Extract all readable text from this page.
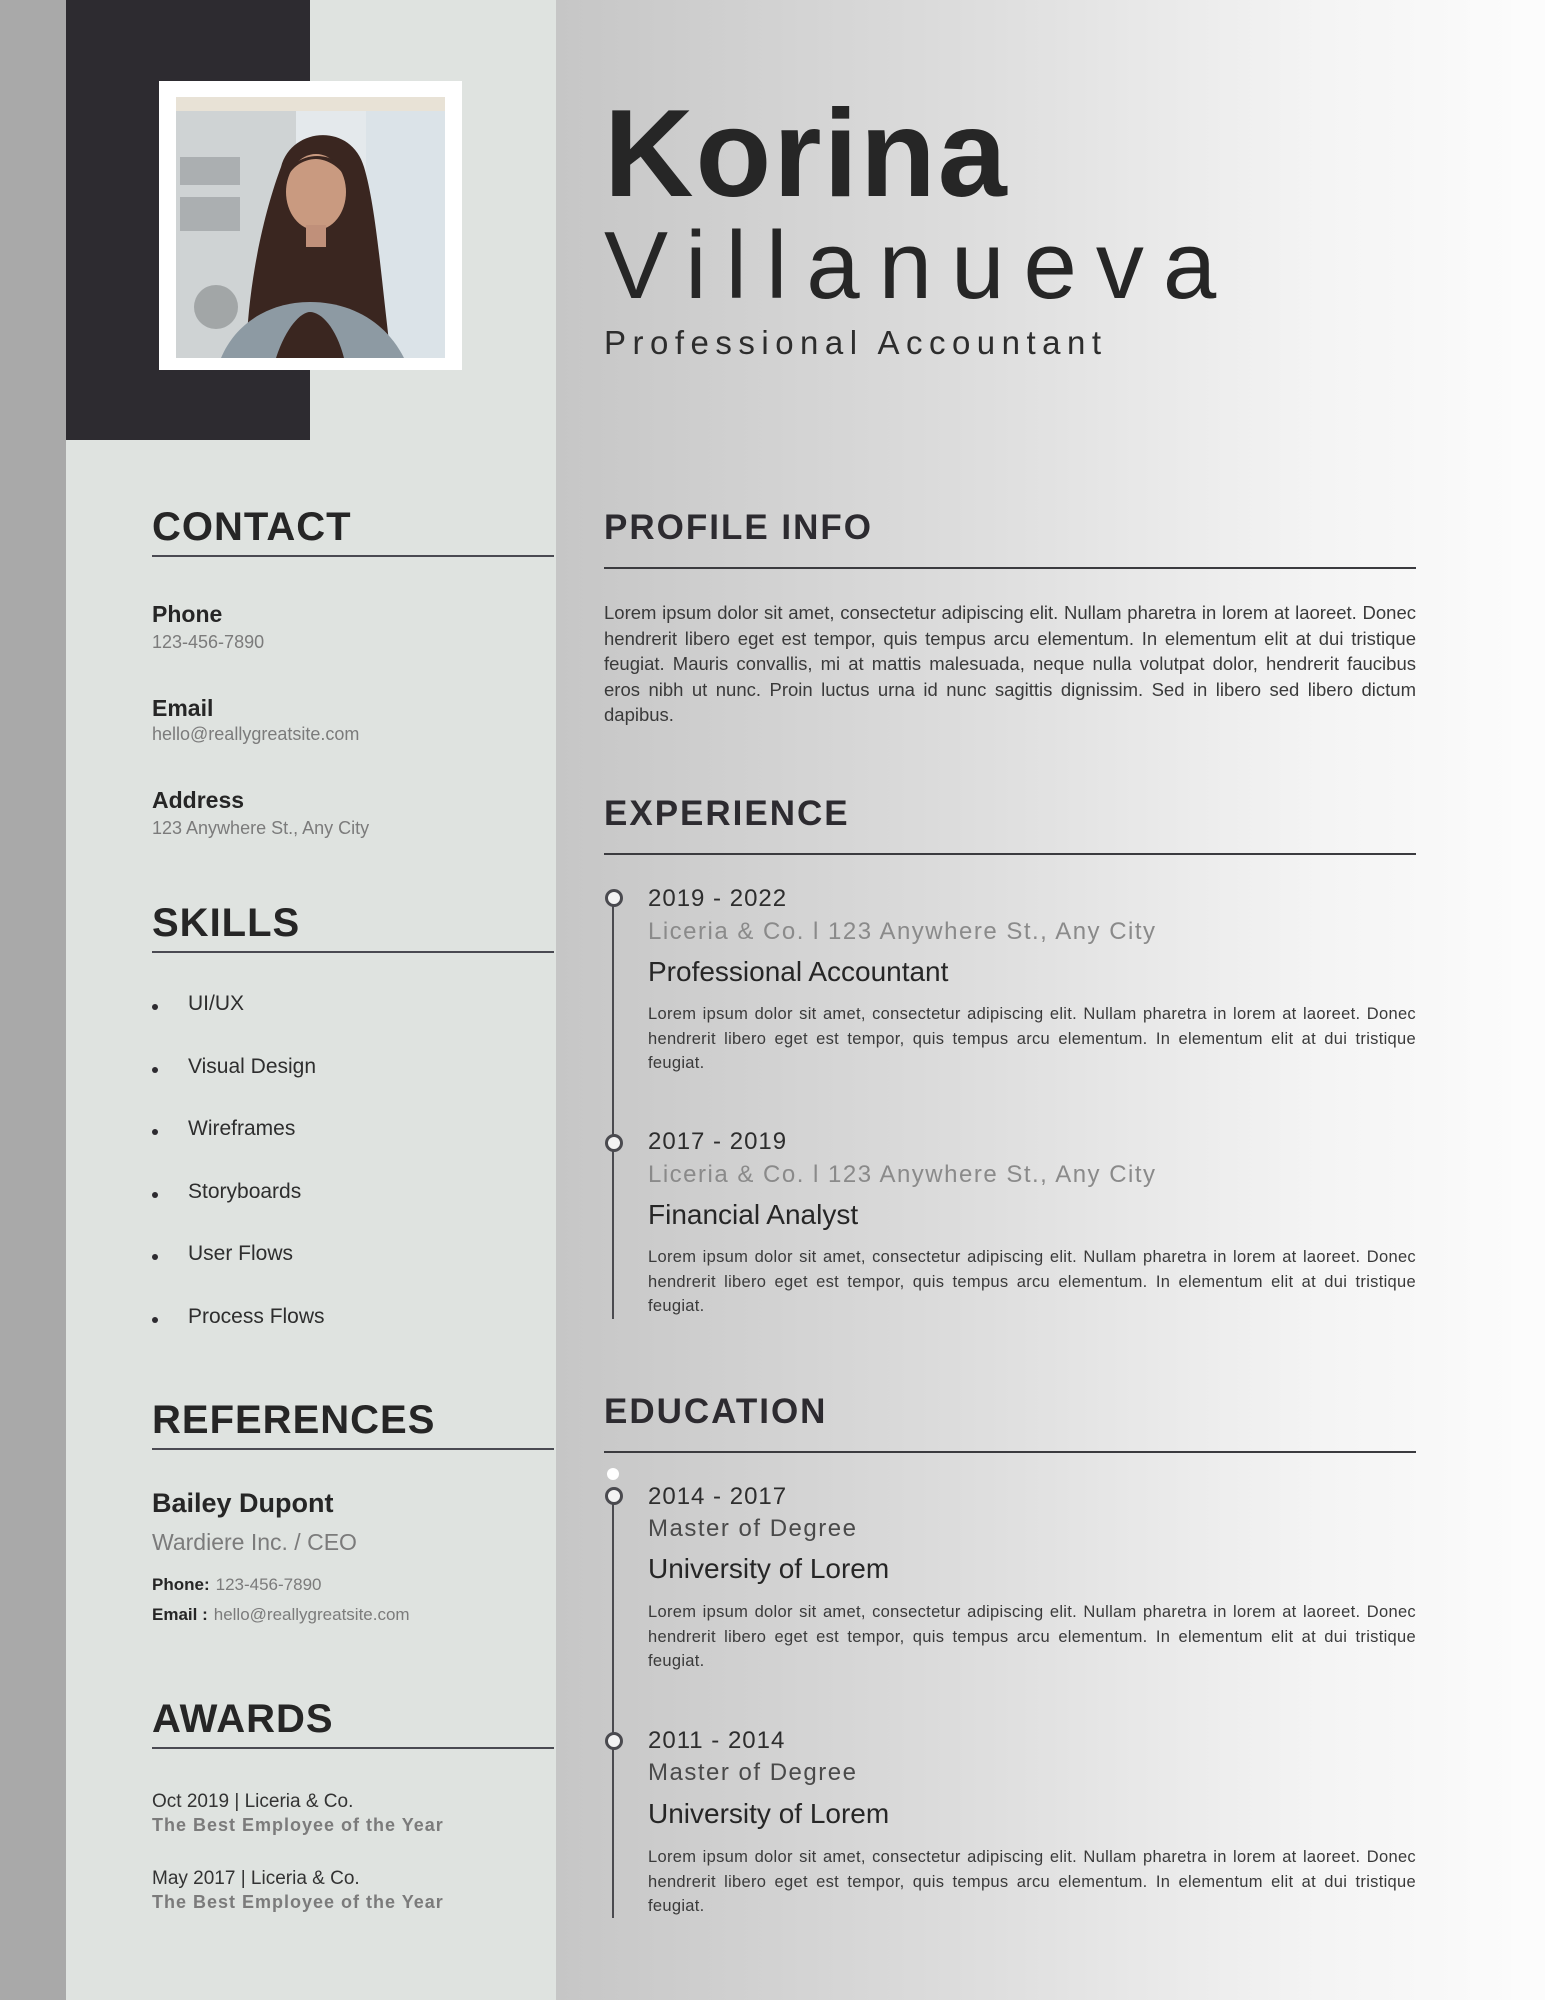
Korina
Villanueva
Professional Accountant
CONTACT
Phone
123-456-7890
Email
hello@reallygreatsite.com
Address
123 Anywhere St., Any City
SKILLS
UI/UX
Visual Design
Wireframes
Storyboards
User Flows
Process Flows
REFERENCES
Bailey Dupont
Wardiere Inc. / CEO
Phone: 123-456-7890
Email : hello@reallygreatsite.com
AWARDS
Oct 2019 | Liceria & Co.
The Best Employee of the Year
May 2017 | Liceria & Co.
The Best Employee of the Year
PROFILE INFO

Lorem ipsum dolor sit amet, consectetur adipiscing elit. Nullam pharetra in lorem at laoreet. Donec hendrerit libero eget est tempor, quis tempus arcu elementum. In elementum elit at dui tristique feugiat. Mauris convallis, mi at mattis malesuada, neque nulla volutpat dolor, hendrerit faucibus eros nibh ut nunc. Proin luctus urna id nunc sagittis dignissim. Sed in libero sed libero dictum dapibus.

EXPERIENCE
2019 - 2022
Liceria & Co. l 123 Anywhere St., Any City
Professional Accountant

Lorem ipsum dolor sit amet, consectetur adipiscing elit. Nullam pharetra in lorem at laoreet. Donec hendrerit libero eget est tempor, quis tempus arcu elementum. In elementum elit at dui tristique feugiat.

2017 - 2019
Liceria & Co. l 123 Anywhere St., Any City
Financial Analyst

Lorem ipsum dolor sit amet, consectetur adipiscing elit. Nullam pharetra in lorem at laoreet. Donec hendrerit libero eget est tempor, quis tempus arcu elementum. In elementum elit at dui tristique feugiat.

EDUCATION
2014 - 2017
Master of Degree
University of Lorem

Lorem ipsum dolor sit amet, consectetur adipiscing elit. Nullam pharetra in lorem at laoreet. Donec hendrerit libero eget est tempor, quis tempus arcu elementum. In elementum elit at dui tristique feugiat.

2011 - 2014
Master of Degree
University of Lorem

Lorem ipsum dolor sit amet, consectetur adipiscing elit. Nullam pharetra in lorem at laoreet. Donec hendrerit libero eget est tempor, quis tempus arcu elementum. In elementum elit at dui tristique feugiat.
